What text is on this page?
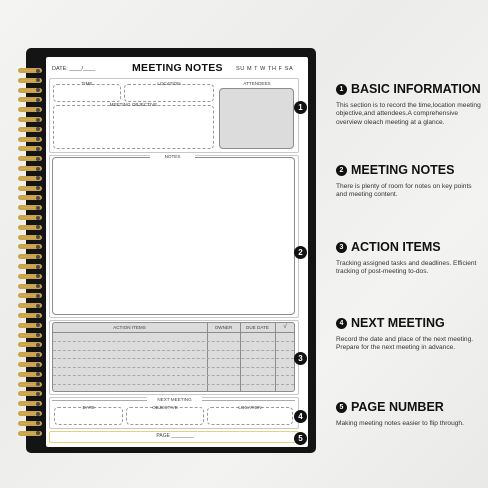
DATE: ____/____	MEETING NOTES SU M T W TH F SA
TIME	LOCATION
MEETING OBJECTIVE
ATTENDEES
1
NOTES
2
ACTION ITEMS	OWNER	DUE DATE	√
3
NEXT MEETING
DATE	OBJECTIVE	LOCATION
4
PAGE ________	5
1 BASIC INFORMATION
This section is to record the time,location meeting objective,and attendees.A comprehensive overview oleach meeting at a glance.
2 MEETING NOTES
There is plenty of room for notes on key points and meeting content.
3 ACTION ITEMS
Tracking assigned tasks and deadlines. Efficient tracking of post-meeting to-dos.
4 NEXT MEETING
Record the date and place of the next meeting. Prepare for the next meeting in advance.
5 PAGE NUMBER
Making meeting notes easier to flip through.
